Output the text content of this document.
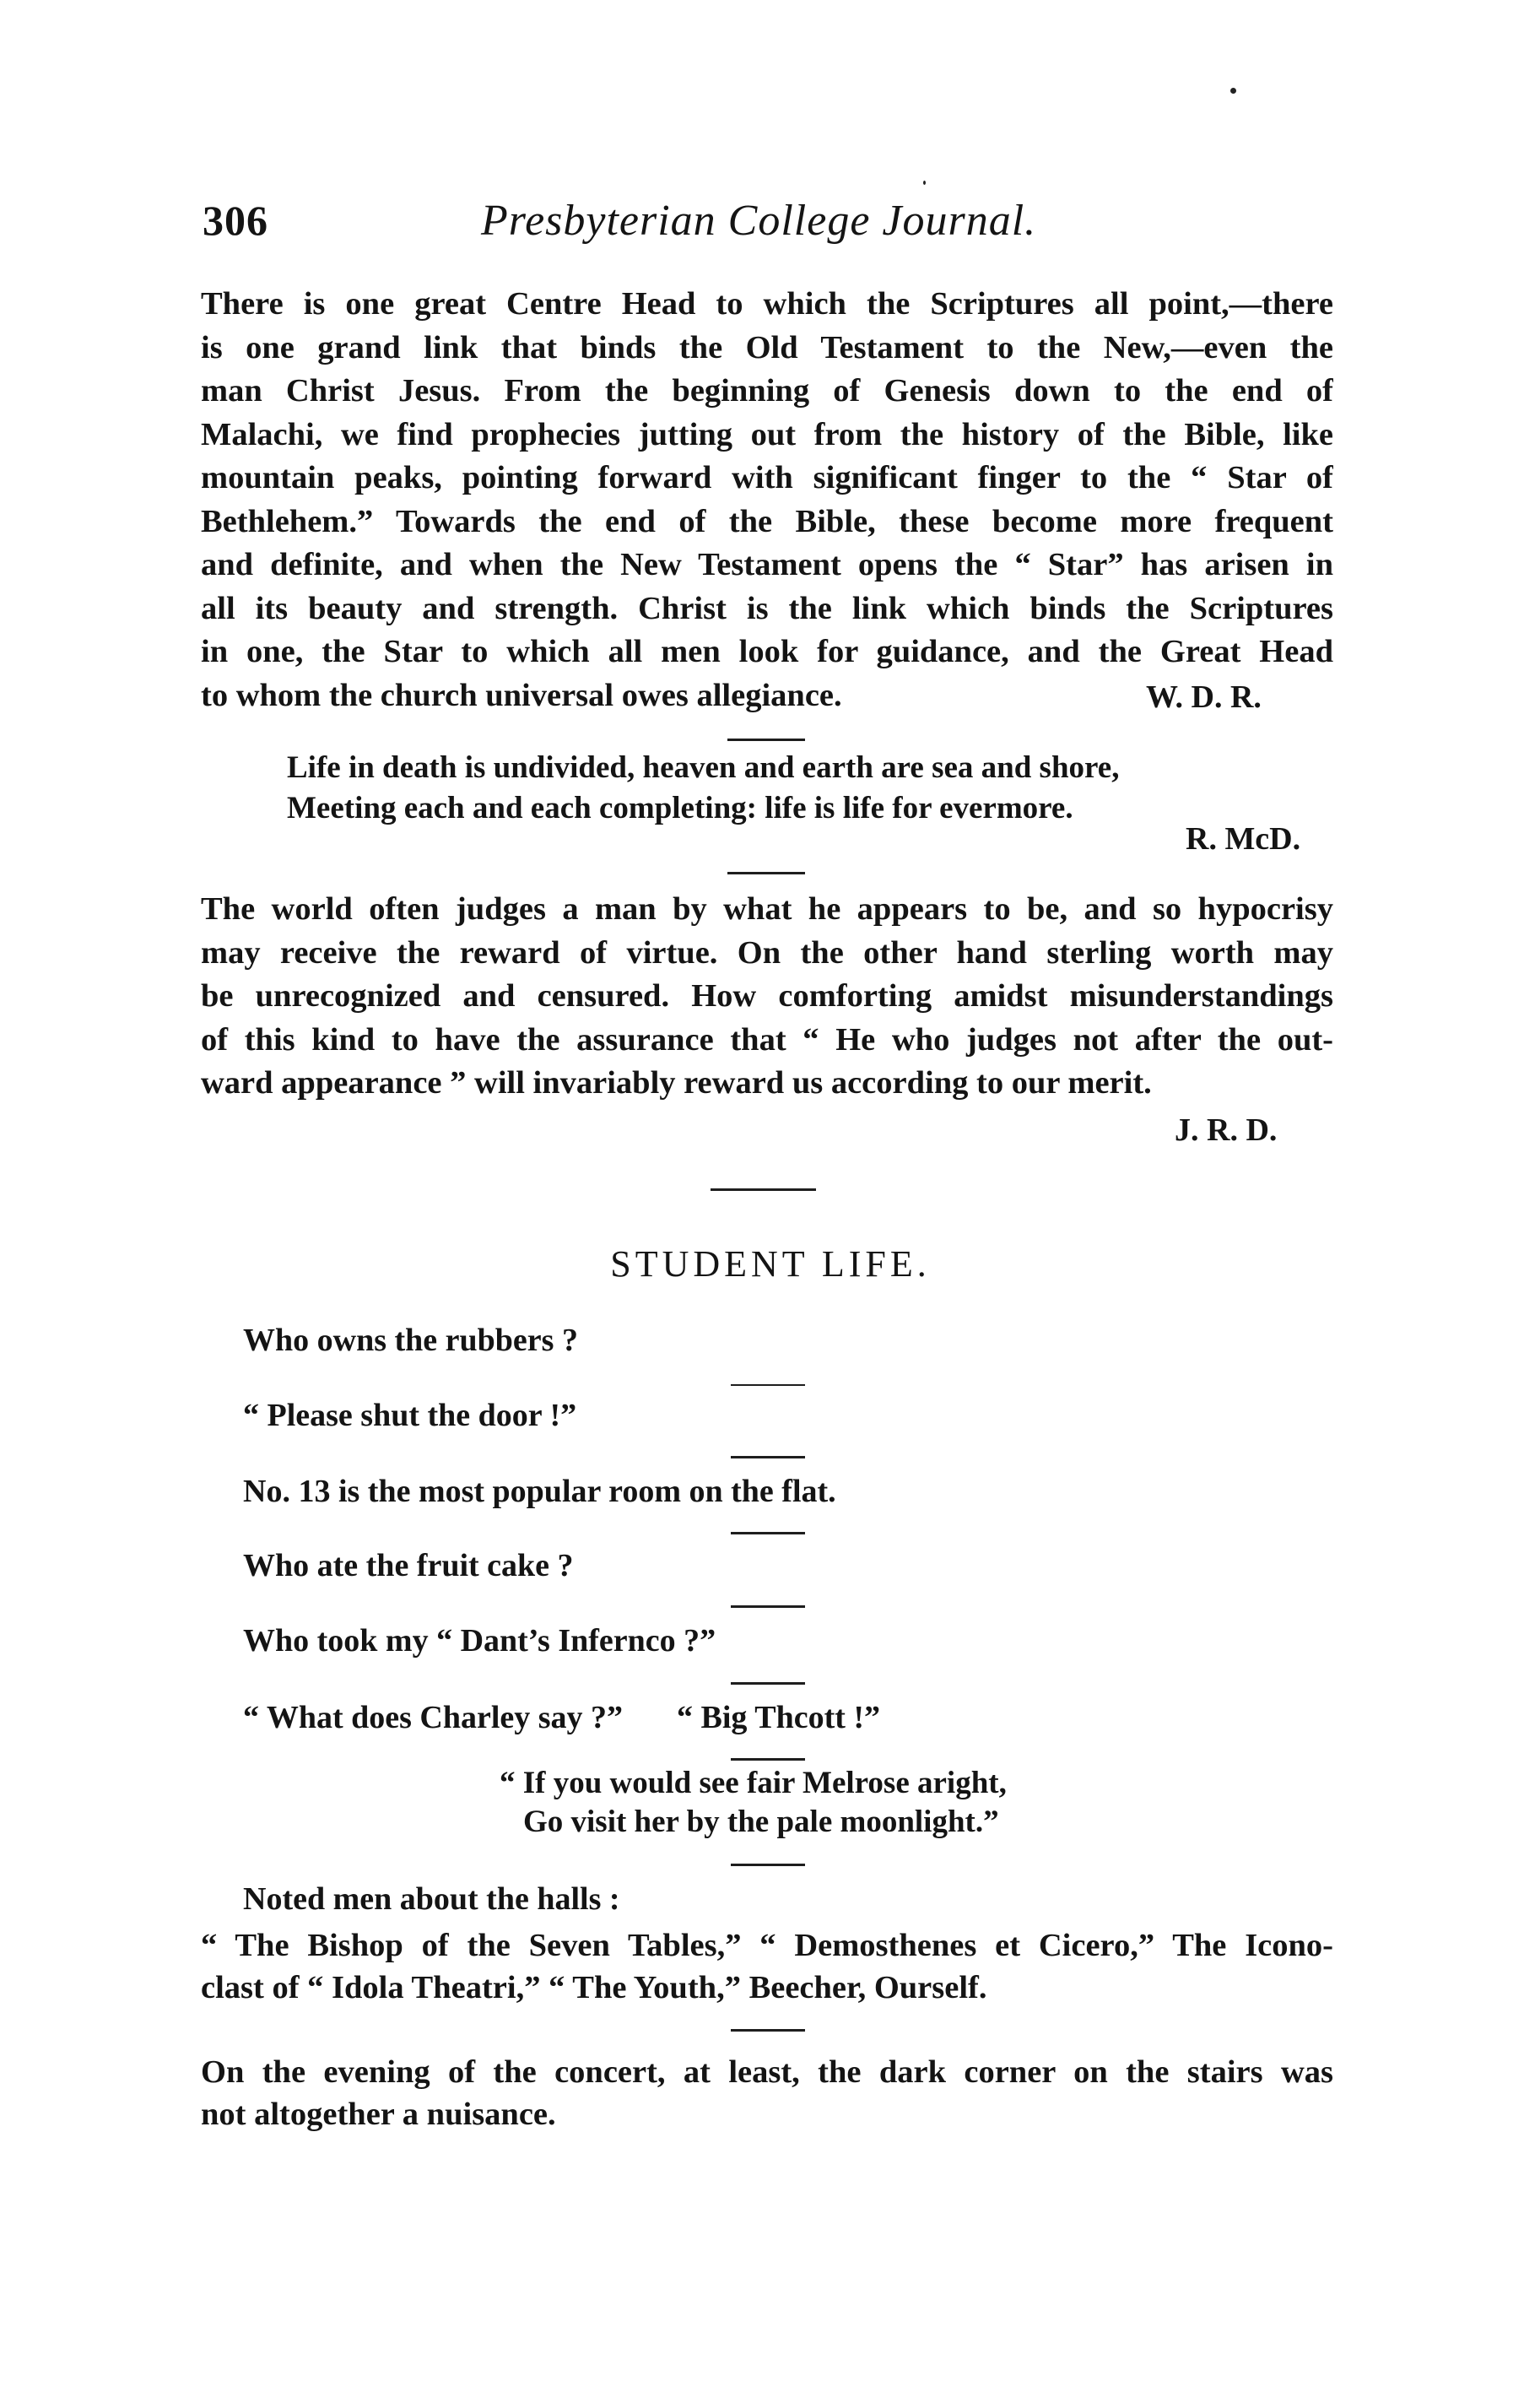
306	Presbyterian College Journal.
There is one great Centre Head to which the Scriptures all point,—there
is one grand link that binds the Old Testament to the New,—even the
man Christ Jesus. From the beginning of Genesis down to the end of
Malachi, we find prophecies jutting out from the history of the Bible, like
mountain peaks, pointing forward with significant finger to the “ Star of
Bethlehem.” Towards the end of the Bible, these become more frequent
and definite, and when the New Testament opens the “ Star” has arisen in
all its beauty and strength. Christ is the link which binds the Scriptures
in one, the Star to which all men look for guidance, and the Great Head
to whom the church universal owes allegiance.	W. D. R.
Life in death is undivided, heaven and earth are sea and shore,
Meeting each and each completing: life is life for evermore.
R. McD.
The world often judges a man by what he appears to be, and so hypocrisy
may receive the reward of virtue. On the other hand sterling worth may
be unrecognized and censured. How comforting amidst misunderstandings
of this kind to have the assurance that “ He who judges not after the out-
ward appearance ” will invariably reward us according to our merit.
J. R. D.
STUDENT LIFE.
Who owns the rubbers ?
“ Please shut the door !”
No. 13 is the most popular room on the flat.
Who ate the fruit cake ?
Who took my “ Dant’s Infernco ?”
“ What does Charley say ?” “ Big Thcott !”
“ If you would see fair Melrose aright,
Go visit her by the pale moonlight.”
Noted men about the halls :
“ The Bishop of the Seven Tables,” “ Demosthenes et Cicero,” The Icono-
clast of “ Idola Theatri,” “ The Youth,” Beecher, Ourself.
On the evening of the concert, at least, the dark corner on the stairs was
not altogether a nuisance.
